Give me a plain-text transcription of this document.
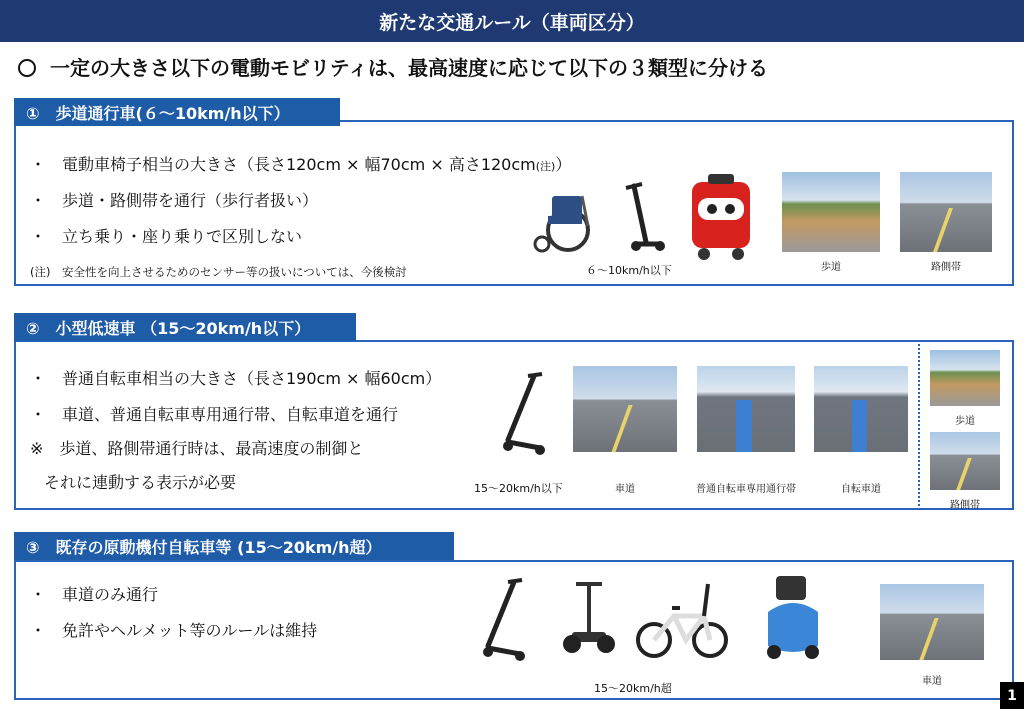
新たな交通ルール（車両区分）
一定の大きさ以下の電動モビリティは、最高速度に応じて以下の３類型に分ける
①　歩道通行車(６～10km/h以下）
・　電動車椅子相当の大きさ（長さ120cm × 幅70cm × 高さ120cm(注)）
・　歩道・路側帯を通行（歩行者扱い）
・　立ち乗り・座り乗りで区別しない
(注)　安全性を向上させるためのセンサー等の扱いについては、今後検討	６～10km/h以下	歩道	路側帯
②　小型低速車 （15～20km/h以下）
・　普通自転車相当の大きさ（長さ190cm × 幅60cm）
・　車道、普通自転車専用通行帯、自転車道を通行
※　歩道、路側帯通行時は、最高速度の制御と
それに連動する表示が必要	15～20km/h以下	車道	普通自転車専用通行帯	自転車道
歩道
路側帯
③　既存の原動機付自転車等 (15～20km/h超）
・　車道のみ通行
・　免許やヘルメット等のルールは維持
15～20km/h超
車道
1
